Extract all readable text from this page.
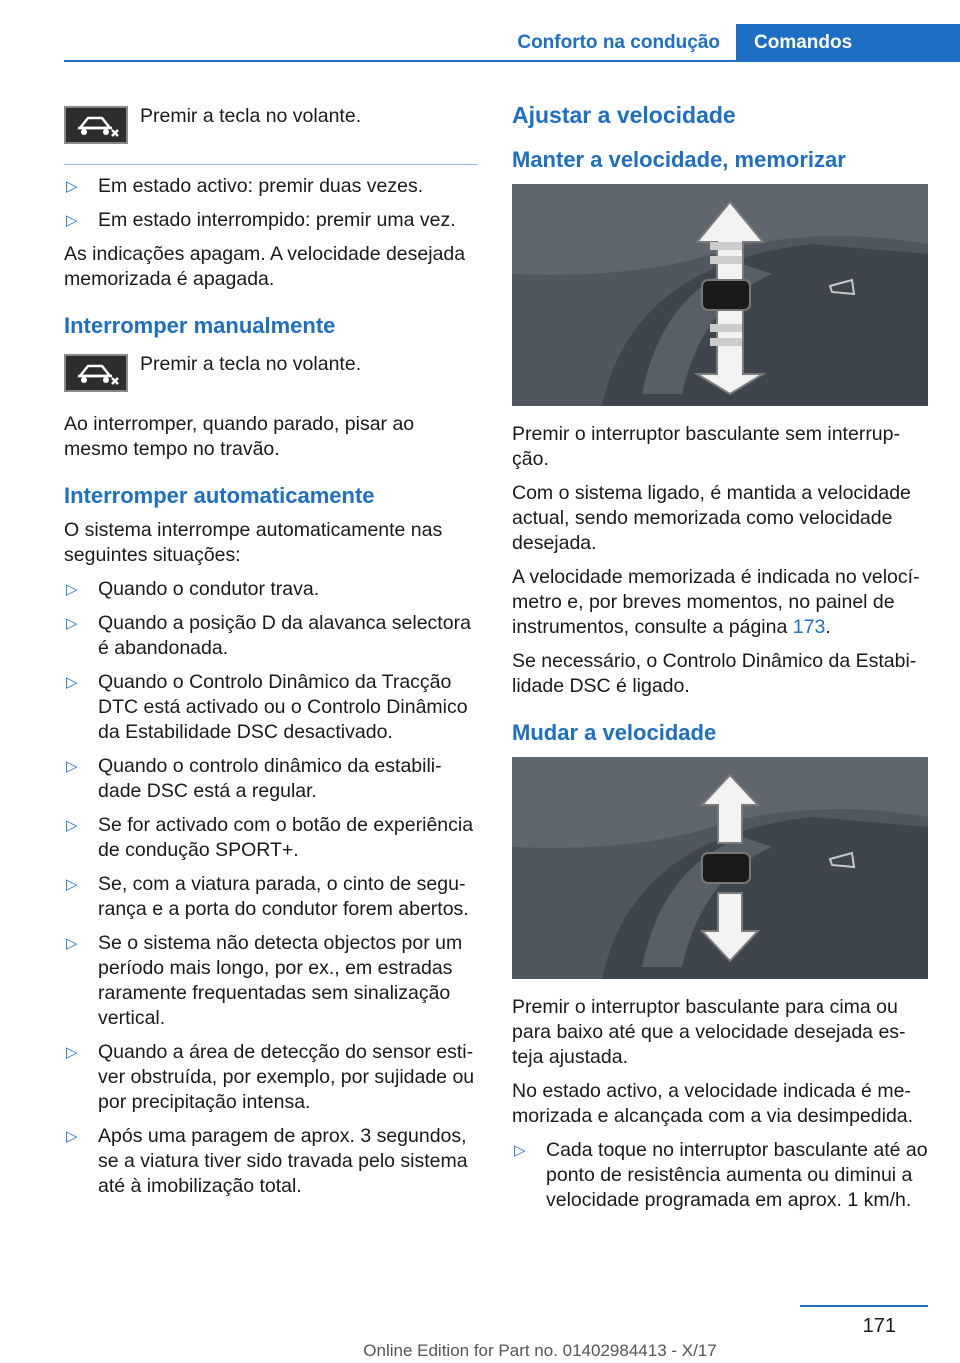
Conforto na condução	Comandos
Premir a tecla no volante.
▷ Em estado activo: premir duas vezes.
▷ Em estado interrompido: premir uma vez.

As indicações apagam. A velocidade desejada memorizada é apagada.

Interromper manualmente
Premir a tecla no volante.

Ao interromper, quando parado, pisar ao mesmo tempo no travão.

Interromper automaticamente

O sistema interrompe automaticamente nas seguintes situações:

▷ Quando o condutor trava.
▷ Quando a posição D da alavanca selectora é abandonada.
▷ Quando o Controlo Dinâmico da Tracção DTC está activado ou o Controlo Dinâmico da Estabilidade DSC desactivado.
▷ Quando o controlo dinâmico da estabilidade DSC está a regular.
▷ Se for activado com o botão de experiência de condução SPORT+.
▷ Se, com a viatura parada, o cinto de segurança e a porta do condutor forem abertos.
▷ Se o sistema não detecta objectos por um período mais longo, por ex., em estradas raramente frequentadas sem sinalização vertical.
▷ Quando a área de detecção do sensor estiver obstruída, por exemplo, por sujidade ou por precipitação intensa.
▷ Após uma paragem de aprox. 3 segundos, se a viatura tiver sido travada pelo sistema até à imobilização total.
Ajustar a velocidade
Manter a velocidade, memorizar

Premir o interruptor basculante sem interrupção.

Com o sistema ligado, é mantida a velocidade actual, sendo memorizada como velocidade desejada.

A velocidade memorizada é indicada no velocímetro e, por breves momentos, no painel de instrumentos, consulte a página 173.

Se necessário, o Controlo Dinâmico da Estabilidade DSC é ligado.

Mudar a velocidade

Premir o interruptor basculante para cima ou para baixo até que a velocidade desejada esteja ajustada.

No estado activo, a velocidade indicada é memorizada e alcançada com a via desimpedida.

▷ Cada toque no interruptor basculante até ao ponto de resistência aumenta ou diminui a velocidade programada em aprox. 1 km/h.
171
Online Edition for Part no. 01402984413 - X/17
